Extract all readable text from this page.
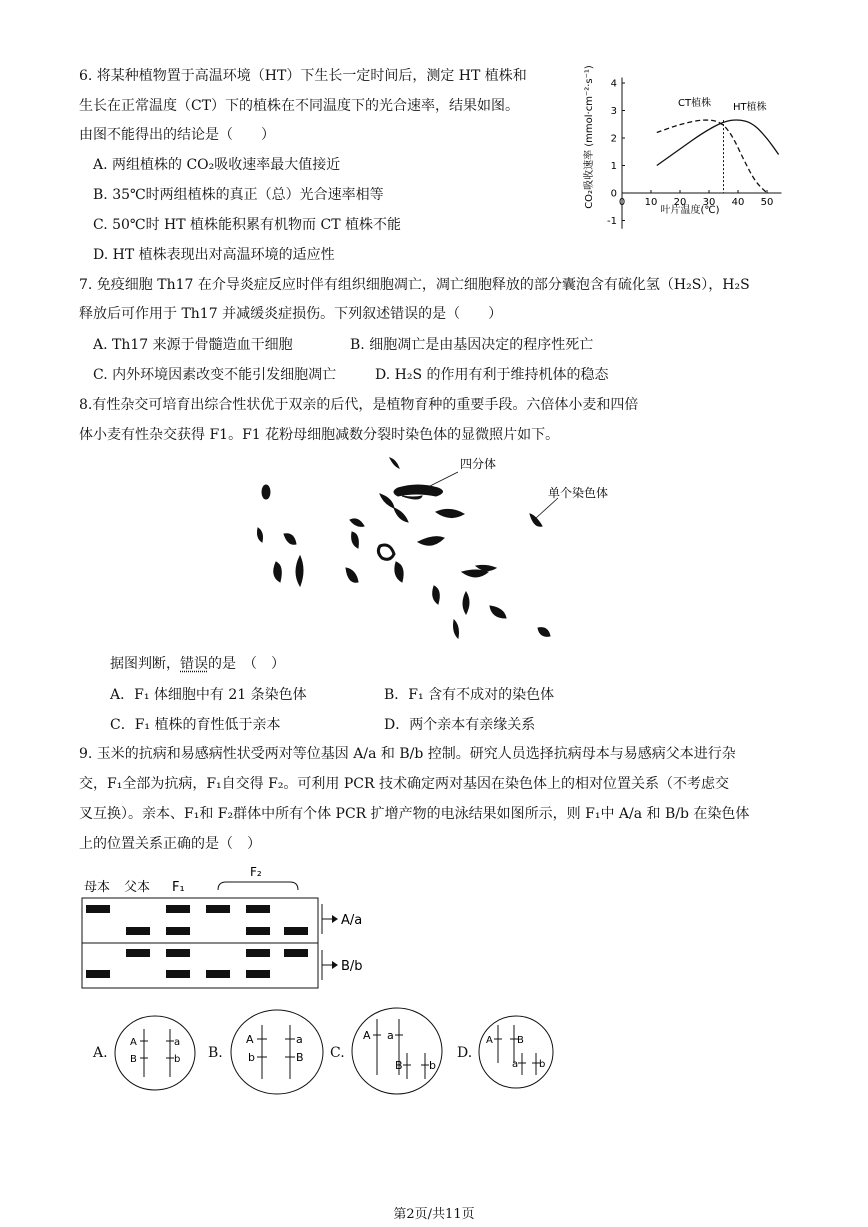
6. 将某种植物置于高温环境（HT）下生长一定时间后，测定 HT 植株和
生长在正常温度（CT）下的植株在不同温度下的光合速率，结果如图。
由图不能得出的结论是（　　）
A. 两组植株的 CO₂吸收速率最大值接近
B. 35℃时两组植株的真正（总）光合速率相等
C. 50℃时 HT 植株能积累有机物而 CT 植株不能
D. HT 植株表现出对高温环境的适应性
0 10 20 30 40 50
4
3
2
1
0
-1
CO₂吸收速率 (mmol·cm⁻²·s⁻¹)
叶片温度(℃)
CT植株 HT植株
7. 免疫细胞 Th17 在介导炎症反应时伴有组织细胞凋亡，凋亡细胞释放的部分囊泡含有硫化氢（H₂S），H₂S
释放后可作用于 Th17 并减缓炎症损伤。下列叙述错误的是（　　）
A. Th17 来源于骨髓造血干细胞	B. 细胞凋亡是由基因决定的程序性死亡
C. 内外环境因素改变不能引发细胞凋亡	D. H₂S 的作用有利于维持机体的稳态
8.有性杂交可培育出综合性状优于双亲的后代，是植物育种的重要手段。六倍体小麦和四倍
体小麦有性杂交获得 F1。F1 花粉母细胞减数分裂时染色体的显微照片如下。
四分体
单个染色体
据图判断，错误的是　（　）
A．F₁ 体细胞中有 21 条染色体	B．F₁ 含有不成对的染色体
C．F₁ 植株的育性低于亲本	D．两个亲本有亲缘关系
9. 玉米的抗病和易感病性状受两对等位基因 A/a 和 B/b 控制。研究人员选择抗病母本与易感病父本进行杂
交，F₁全部为抗病，F₁自交得 F₂。可利用 PCR 技术确定两对基因在染色体上的相对位置关系（不考虑交
叉互换）。亲本、F₁和 F₂群体中所有个体 PCR 扩增产物的电泳结果如图所示，则 F₁中 A/a 和 B/b 在染色体
上的位置关系正确的是（　）
母本 父本 F₁
F₂
A/a
B/b
A.
A	a
B	b B.
A	a
b	B C.
A a
B b
D.
A B
a b
第2页/共11页
